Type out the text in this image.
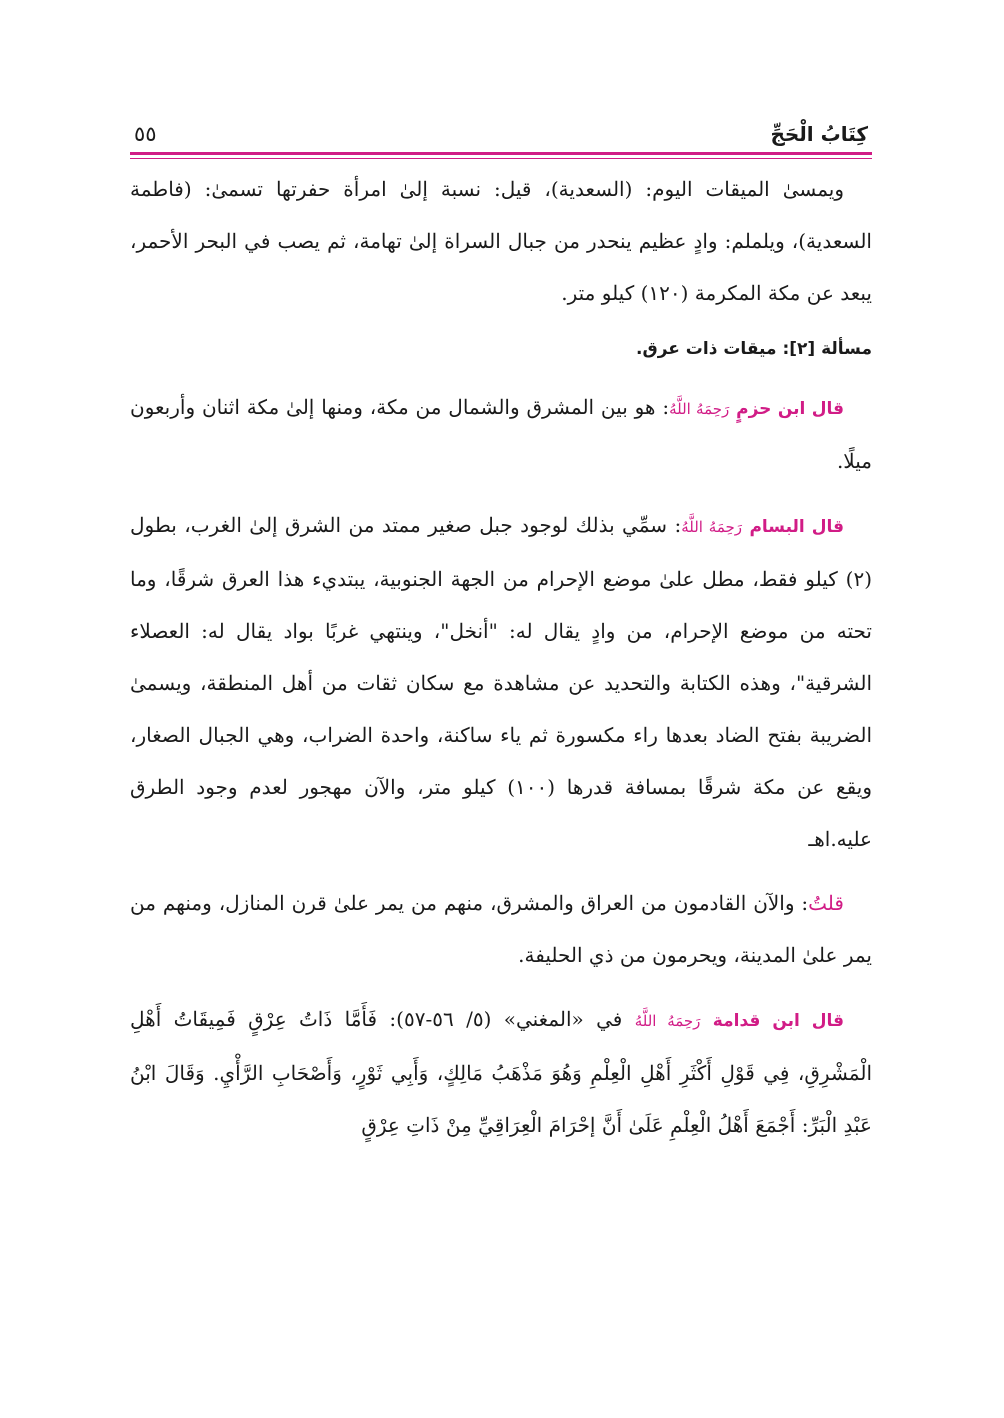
كِتَابُ الْحَجِّ
٥٥

ويمسىٰ الميقات اليوم: (السعدية)، قيل: نسبة إلىٰ امرأة حفرتها تسمىٰ: (فاطمة السعدية)، ويلملم: وادٍ عظيم ينحدر من جبال السراة إلىٰ تهامة، ثم يصب في البحر الأحمر، يبعد عن مكة المكرمة (١٢٠) كيلو متر.

مسألة [٢]: ميقات ذات عرق.

قال ابن حزمٍ رَحِمَهُ اللَّهُ: هو بين المشرق والشمال من مكة، ومنها إلىٰ مكة اثنان وأربعون ميلًا.

قال البسام رَحِمَهُ اللَّهُ: سمِّي بذلك لوجود جبل صغير ممتد من الشرق إلىٰ الغرب، بطول (٢) كيلو فقط، مطل علىٰ موضع الإحرام من الجهة الجنوبية، يبتديء هذا العرق شرقًا، وما تحته من موضع الإحرام، من وادٍ يقال له: "أنخل"، وينتهي غربًا بواد يقال له: العصلاء الشرقية"، وهذه الكتابة والتحديد عن مشاهدة مع سكان ثقات من أهل المنطقة، ويسمىٰ الضريبة بفتح الضاد بعدها راء مكسورة ثم ياء ساكنة، واحدة الضراب، وهي الجبال الصغار، ويقع عن مكة شرقًا بمسافة قدرها (١٠٠) كيلو متر، والآن مهجور لعدم وجود الطرق عليه.اهـ

قلتُ: والآن القادمون من العراق والمشرق، منهم من يمر علىٰ قرن المنازل، ومنهم من يمر علىٰ المدينة، ويحرمون من ذي الحليفة.

قال ابن قدامة رَحِمَهُ اللَّهُ في «المغني» (٥/ ٥٦-٥٧): فَأَمَّا ذَاتُ عِرْقٍ فَمِيقَاتُ أَهْلِ الْمَشْرِقِ، فِي قَوْلِ أَكْثَرِ أَهْلِ الْعِلْمِ وَهُوَ مَذْهَبُ مَالِكٍ، وَأَبِي ثَوْرٍ، وَأَصْحَابِ الرَّأْيِ. وَقَالَ ابْنُ عَبْدِ الْبَرِّ: أَجْمَعَ أَهْلُ الْعِلْمِ عَلَىٰ أَنَّ إحْرَامَ الْعِرَاقِيِّ مِنْ ذَاتِ عِرْقٍ
